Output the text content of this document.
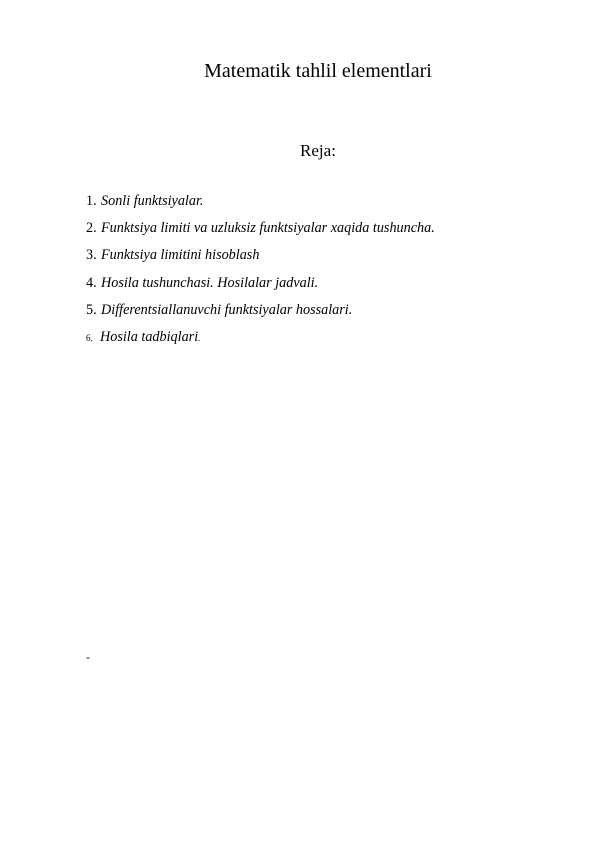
Matematik tahlil elementlari
Reja:
1. Sonli funktsiyalar.
2. Funktsiya limiti va uzluksiz funktsiyalar xaqida tushuncha.
3. Funktsiya limitini hisoblash
4. Hosila tushunchasi. Hosilalar jadvali.
5. Differentsiallanuvchi funktsiyalar hossalari.
6. Hosila tadbiqlari .
-
